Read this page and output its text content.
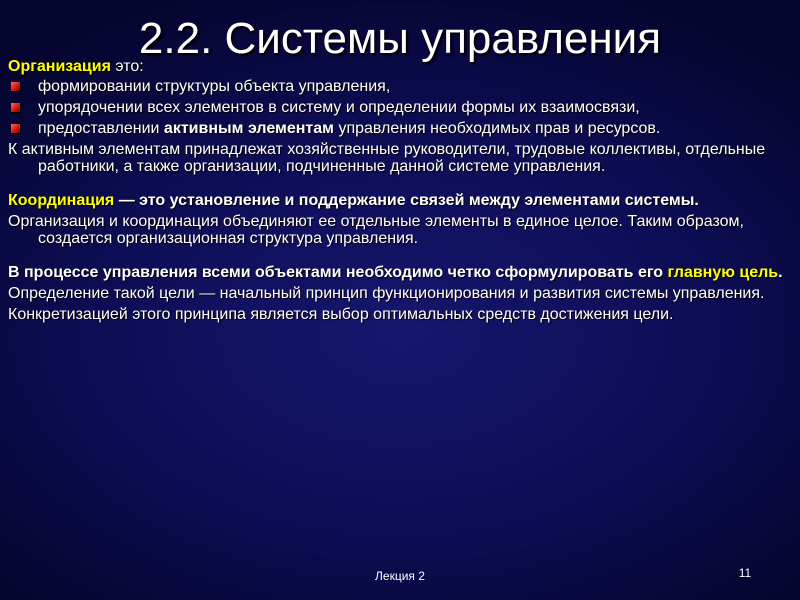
2.2. Системы управления

Организация это:

формировании структуры объекта управления,
упорядочении всех элементов в систему и определении формы их взаимосвязи,
предоставлении активным элементам управления необходимых прав и ресурсов.

К активным элементам принадлежат хозяйственные руководители, трудовые коллективы, отдельные работники, а также организации, подчиненные данной системе управления.

Координация — это установление и поддержание связей между элементами системы.

Организация и координация объединяют ее отдельные элементы в единое целое. Таким образом, создается организационная структура управления.

В процессе управления всеми объектами необходимо четко сформулировать его главную цель.

Определение такой цели — начальный принцип функционирования и развития системы управления.

Конкретизацией этого принципа является выбор оптимальных средств достижения цели.

Лекция 2	11
